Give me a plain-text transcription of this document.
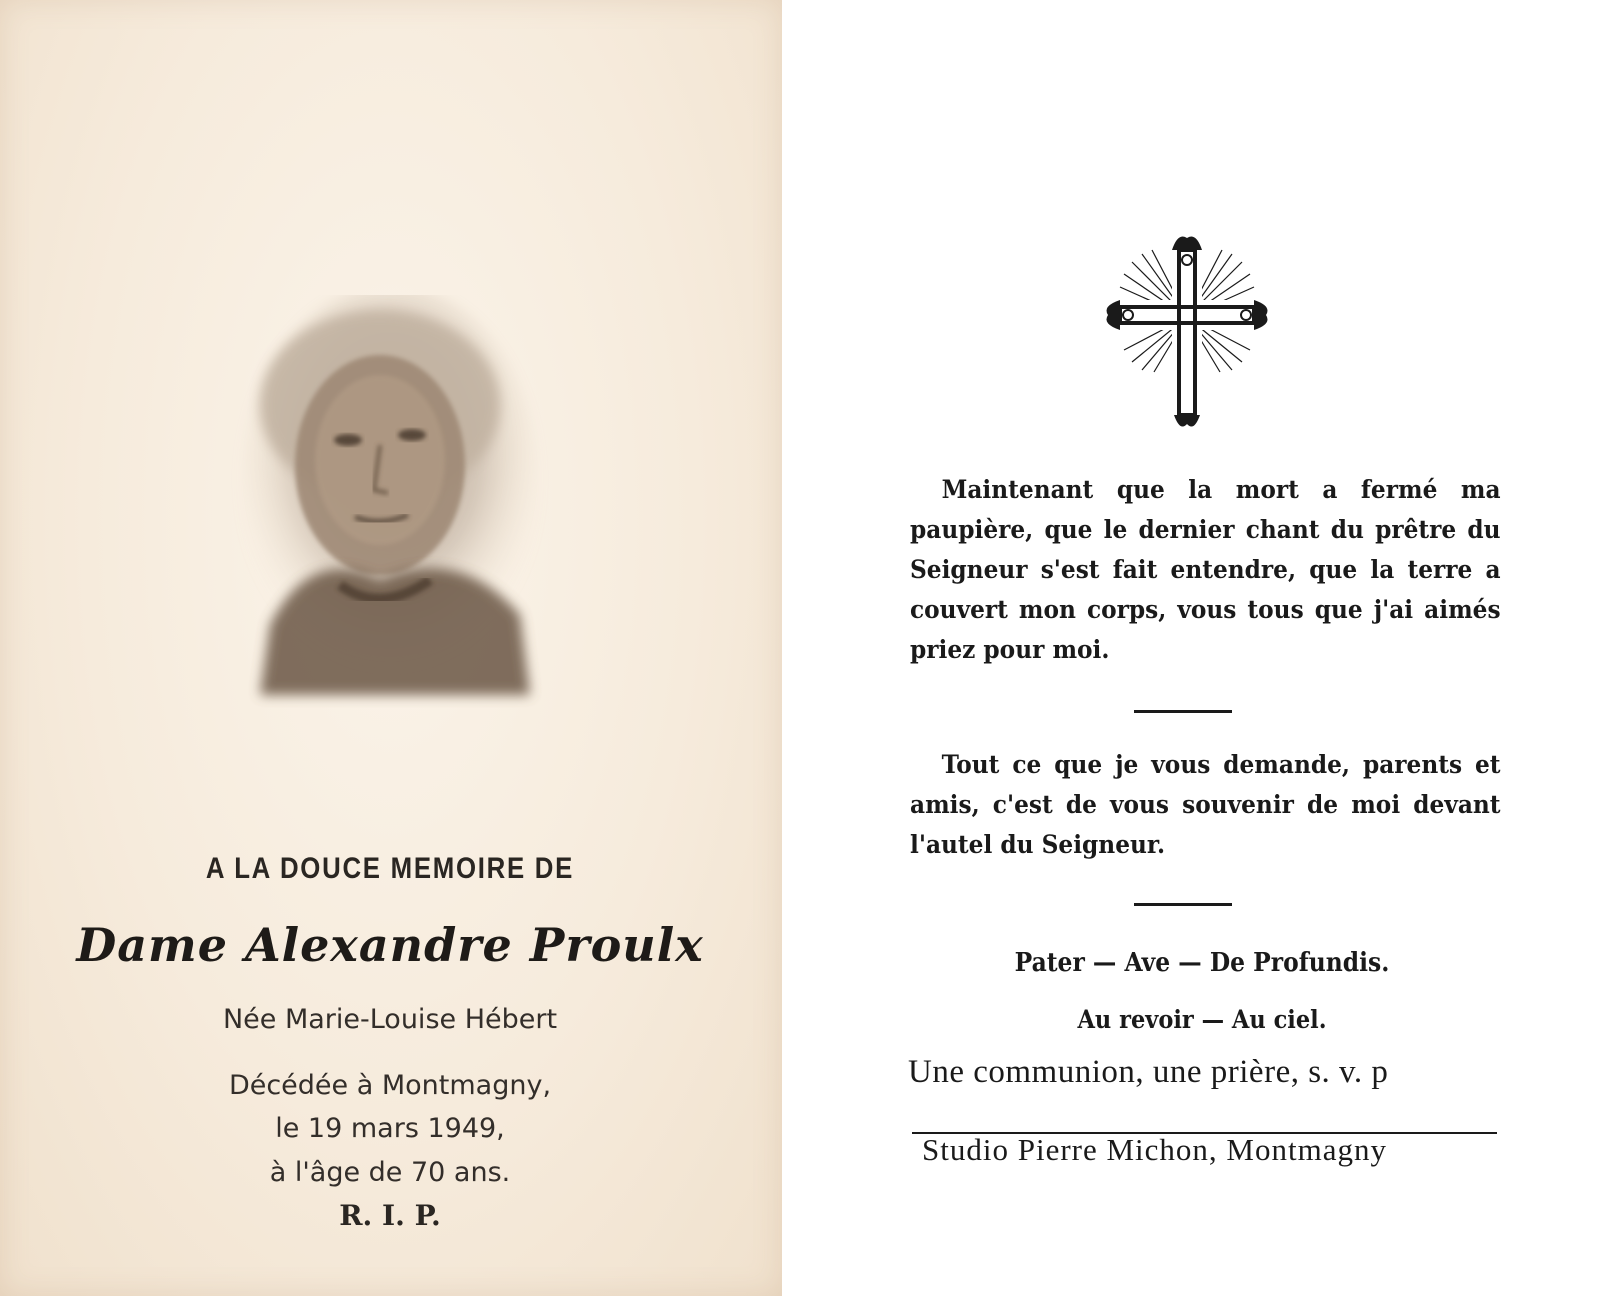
A LA DOUCE MEMOIRE DE
Dame Alexandre Proulx
Née Marie-Louise Hébert
Décédée à Montmagny,
le 19 mars 1949,
à l'âge de 70 ans.
R. I. P.
Maintenant que la mort a fermé ma paupière, que le dernier chant du prêtre du Seigneur s'est fait entendre, que la terre a couvert mon corps, vous tous que j'ai aimés priez pour moi.
Tout ce que je vous demande, parents et amis, c'est de vous souvenir de moi devant l'autel du Seigneur.
Pater — Ave — De Profundis.
Au revoir — Au ciel.
Une communion, une prière, s. v. p
Studio Pierre Michon, Montmagny
